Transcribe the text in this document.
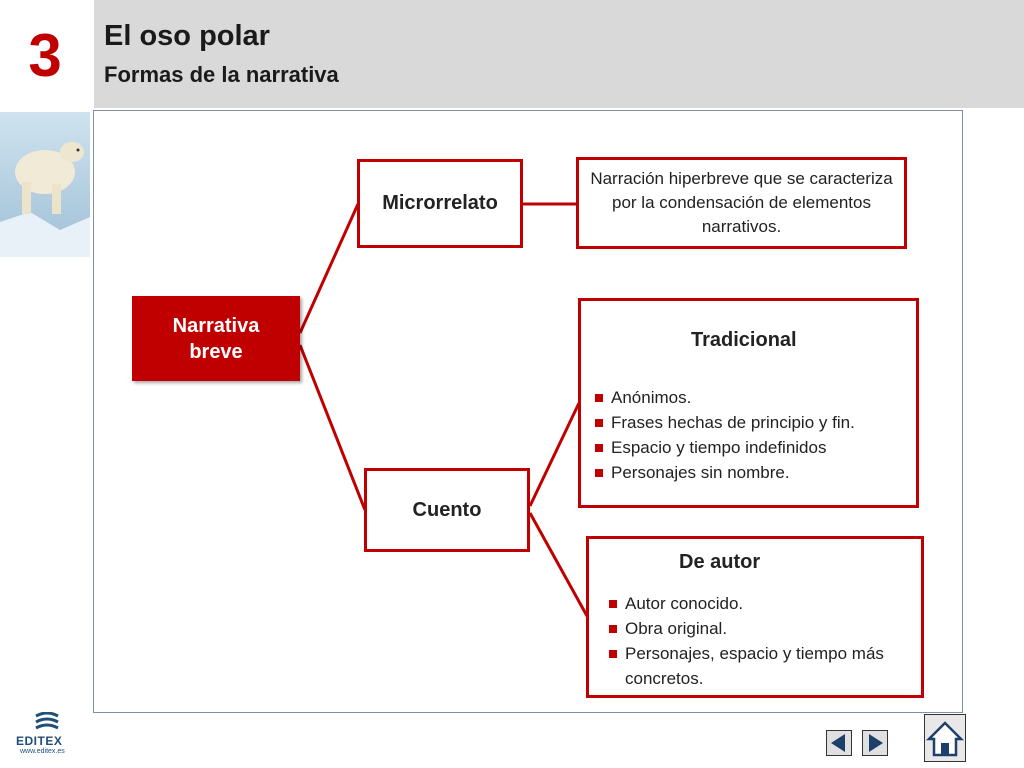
3	El oso polar
Formas de la narrativa
Narrativa breve
Microrrelato
Narración hiperbreve que se caracteriza por la condensación de elementos narrativos.
Cuento
Tradicional
Anónimos.
Frases hechas de principio y fin.
Espacio y tiempo indefinidos
Personajes sin nombre.
De autor
Autor conocido.
Obra original.
Personajes, espacio y tiempo más concretos.
EDITEX
www.editex.es
